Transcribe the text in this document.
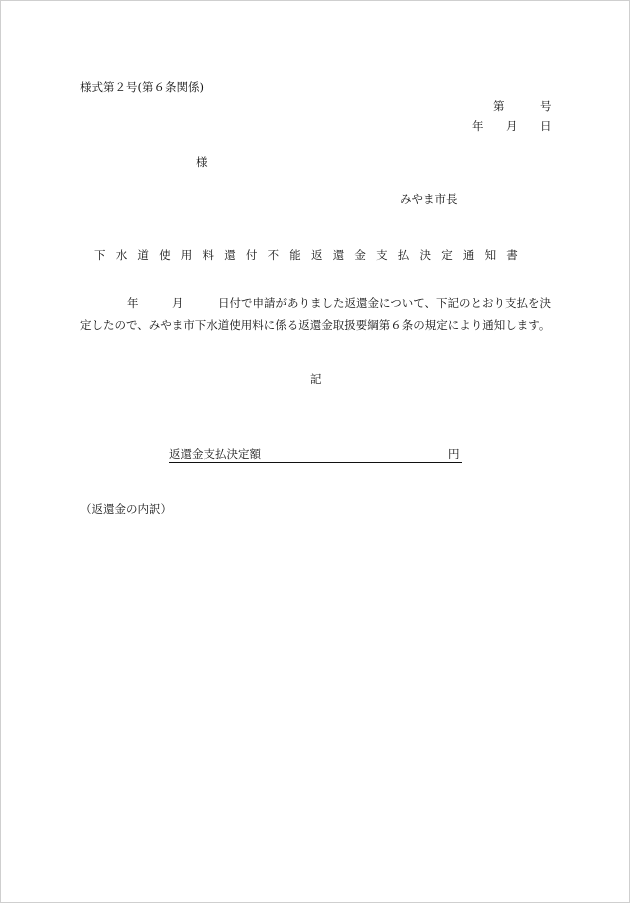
様式第２号(第６条関係)
第	号
年 月 日
様
みやま市長
下水道使用料還付不能返還金支払決定通知書
年	月	日付で申請がありました返還金について、下記のとおり支払を決
定したので、みやま市下水道使用料に係る返還金取扱要綱第６条の規定により通知します。
記
返還金支払決定額	円
（返還金の内訳）
